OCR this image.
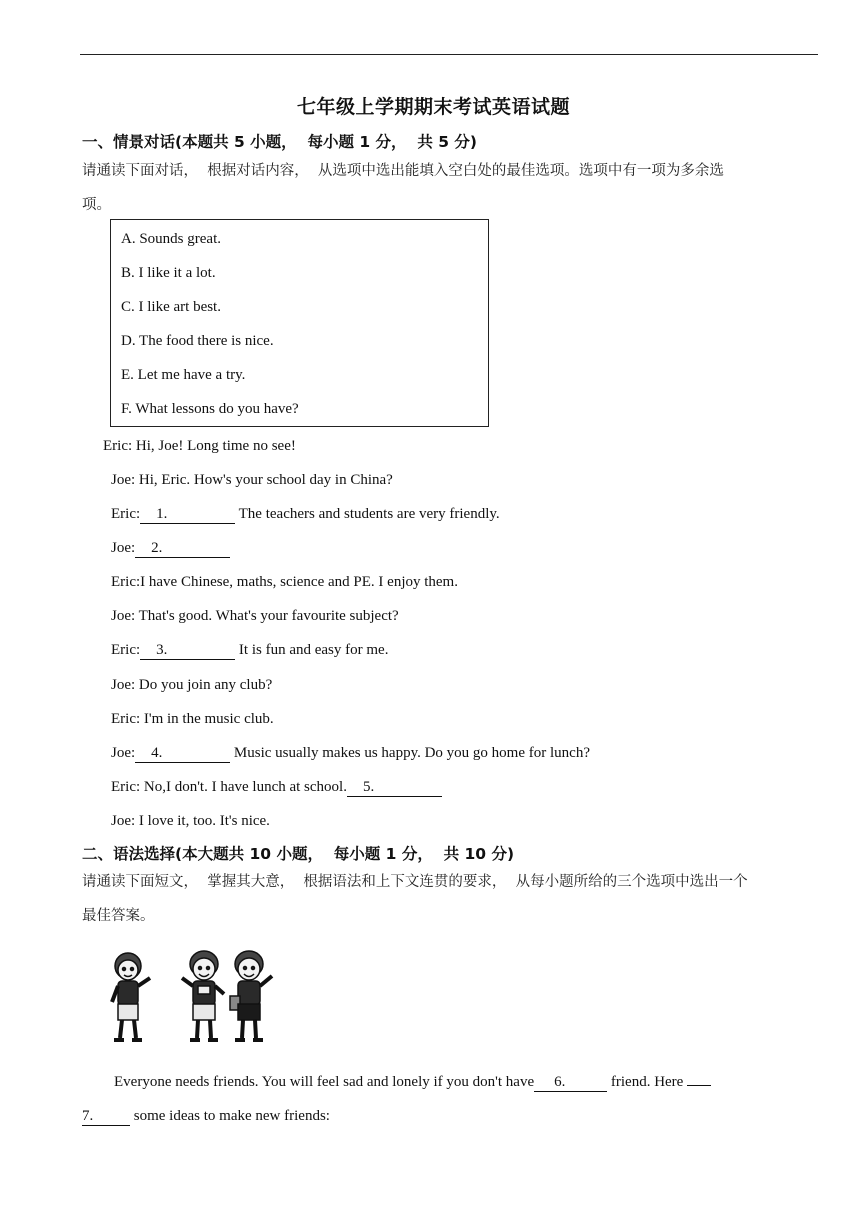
七年级上学期期末考试英语试题
一、情景对话(本题共 5 小题，  每小题 1 分，  共 5 分)
请通读下面对话，  根据对话内容，  从选项中选出能填入空白处的最佳选项。选项中有一项为多余选
项。
A. Sounds great.
B. I like it a lot.
C. I like art best.
D. The food there is nice.
E. Let me have a try.
F. What lessons do you have?
Eric: Hi, Joe! Long time no see!
Joe: Hi, Eric. How's your school day in China?
Eric: 1.	The teachers and students are very friendly.
Joe: 2.
Eric:I have Chinese, maths, science and PE. I enjoy them.
Joe: That's good. What's your favourite subject?
Eric: 3.	It is fun and easy for me.
Joe: Do you join any club?
Eric: I'm in the music club.
Joe: 4.	Music usually makes us happy. Do you go home for lunch?
Eric: No,I don't. I have lunch at school. 5.
Joe: I love it, too. It's nice.
二、语法选择(本大题共 10 小题，  每小题 1 分，  共 10 分)
请通读下面短文，  掌握其大意，  根据语法和上下文连贯的要求，  从每小题所给的三个选项中选出一个
最佳答案。
Everyone needs friends. You will feel sad and lonely if you don't have 6.	friend. Here
7. some ideas to make new friends:
